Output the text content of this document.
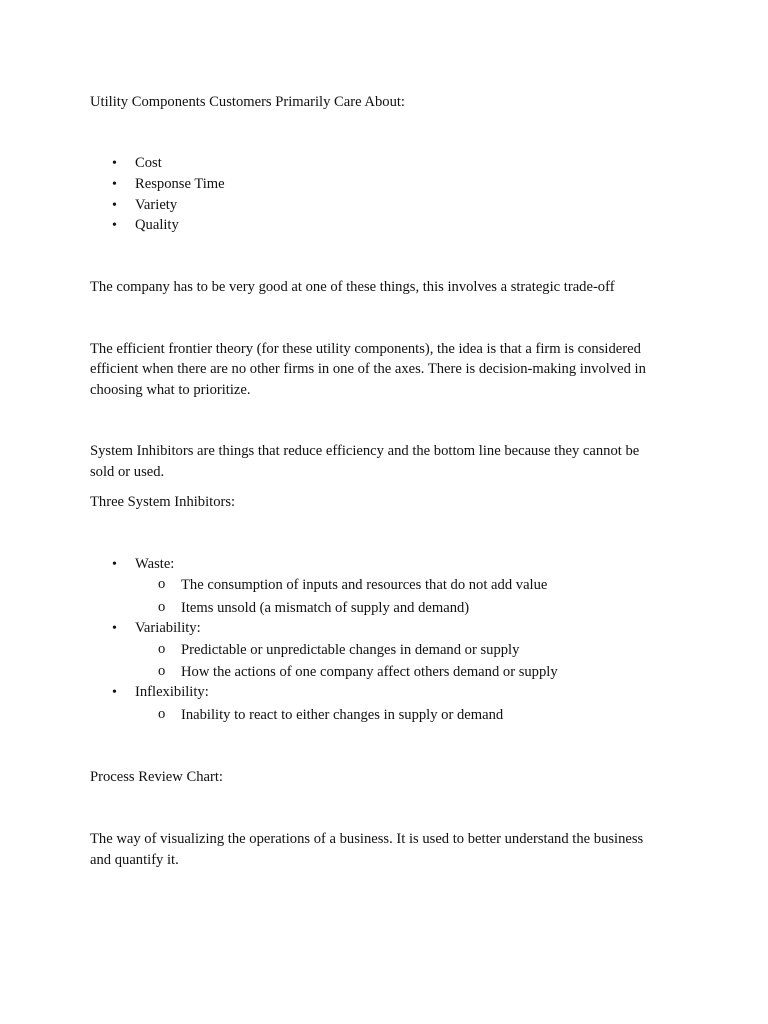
Utility Components Customers Primarily Care About:
• Cost
• Response Time
• Variety
• Quality
The company has to be very good at one of these things, this involves a strategic trade-off
The efficient frontier theory (for these utility components), the idea is that a firm is considered
efficient when there are no other firms in one of the axes. There is decision-making involved in
choosing what to prioritize.
System Inhibitors are things that reduce efficiency and the bottom line because they cannot be
sold or used.
Three System Inhibitors:
• Waste:
o The consumption of inputs and resources that do not add value
o Items unsold (a mismatch of supply and demand)
• Variability:
o Predictable or unpredictable changes in demand or supply
o How the actions of one company affect others demand or supply
• Inflexibility:
o Inability to react to either changes in supply or demand
Process Review Chart:
The way of visualizing the operations of a business. It is used to better understand the business
and quantify it.
